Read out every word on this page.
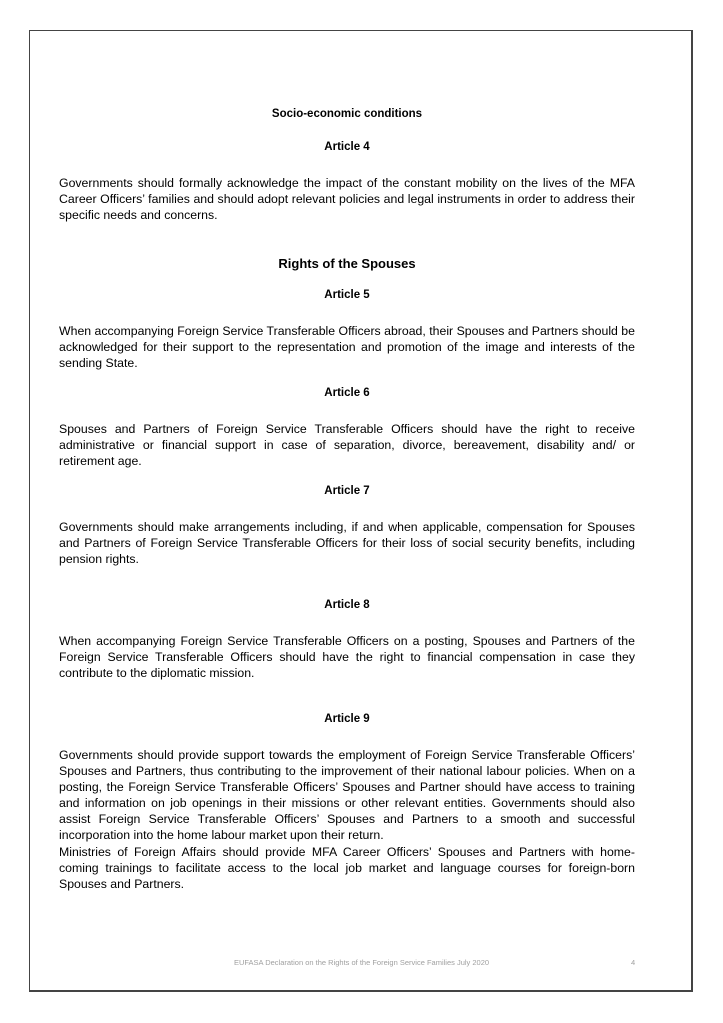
Socio-economic conditions
Article 4

Governments should formally acknowledge the impact of the constant mobility on the lives of the MFA Career Officers’ families and should adopt relevant policies and legal instruments in order to address their specific needs and concerns.

Rights of the Spouses
Article 5

When accompanying Foreign Service Transferable Officers abroad, their Spouses and Partners should be acknowledged for their support to the representation and promotion of the image and interests of the sending State.

Article 6

Spouses and Partners of Foreign Service Transferable Officers should have the right to receive administrative or financial support in case of separation, divorce, bereavement, disability and/ or retirement age.

Article 7

Governments should make arrangements including, if and when applicable, compensation for Spouses and Partners of Foreign Service Transferable Officers for their loss of social security benefits, including pension rights.

Article 8

When accompanying Foreign Service Transferable Officers on a posting, Spouses and Partners of the Foreign Service Transferable Officers should have the right to financial compensation in case they contribute to the diplomatic mission.

Article 9

Governments should provide support towards the employment of Foreign Service Transferable Officers’ Spouses and Partners, thus contributing to the improvement of their national labour policies. When on a posting, the Foreign Service Transferable Officers’ Spouses and Partner should have access to training and information on job openings in their missions or other relevant entities. Governments should also assist Foreign Service Transferable Officers’ Spouses and Partners to a smooth and successful incorporation into the home labour market upon their return.

Ministries of Foreign Affairs should provide MFA Career Officers’ Spouses and Partners with home-coming trainings to facilitate access to the local job market and language courses for foreign-born Spouses and Partners.

EUFASA Declaration on the Rights of the Foreign Service Families July 2020	4
